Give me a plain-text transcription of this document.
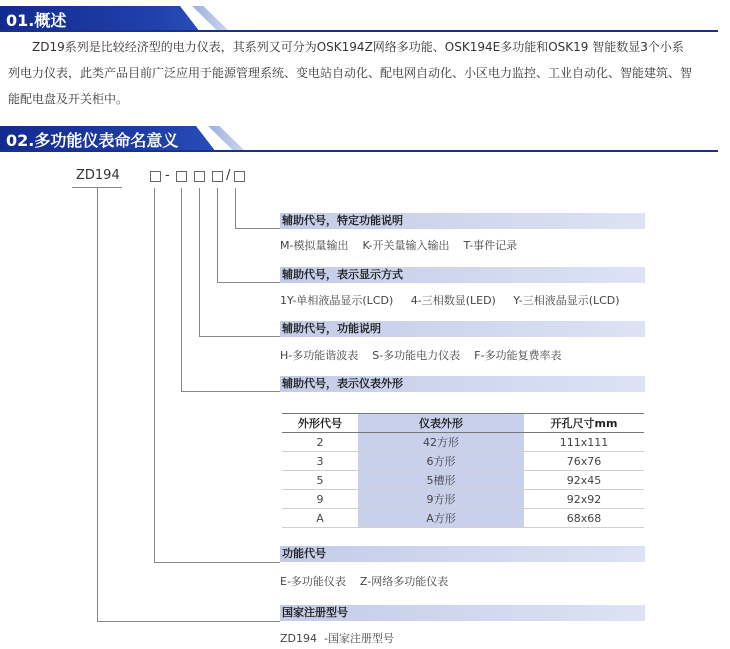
01.概述
ZD19系列是比较经济型的电力仪表，其系列又可分为OSK194Z网络多功能、OSK194E多功能和OSK19 智能数显3个小系
列电力仪表，此类产品目前广泛应用于能源管理系统、变电站自动化、配电网自动化、小区电力监控、工业自动化、智能建筑、智
能配电盘及开关柜中。
02.多功能仪表命名意义
ZD194	-	/
辅助代号，特定功能说明
M-模拟量输出    K-开关量输入输出    T-事件记录
辅助代号，表示显示方式
1Y-单相液晶显示(LCD)     4-三相数显(LED)     Y-三相液晶显示(LCD)
辅助代号，功能说明
H-多功能谐波表    S-多功能电力仪表    F-多功能复费率表
辅助代号，表示仪表外形
外形代号	仪表外形	开孔尺寸mm
2	42方形	111x111
3	6方形	76x76
5	5槽形	92x45
9	9方形	92x92
A	A方形	68x68
功能代号
E-多功能仪表    Z-网络多功能仪表
国家注册型号
ZD194  -国家注册型号
